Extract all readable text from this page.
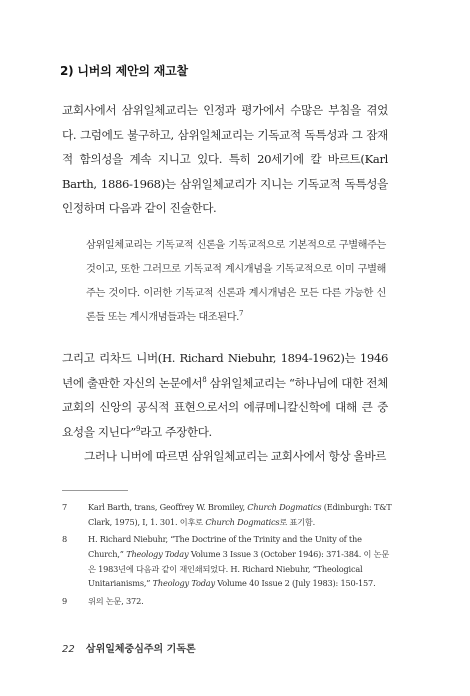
2) 니버의 제안의 재고찰

교회사에서 삼위일체교리는 인정과 평가에서 수많은 부침을 겪었다. 그럼에도 불구하고, 삼위일체교리는 기독교적 독특성과 그 잠재적 함의성을 계속 지니고 있다. 특히 20세기에 칼 바르트(Karl Barth, 1886-1968)는 삼위일체교리가 지니는 기독교적 독특성을 인정하며 다음과 같이 진술한다.

삼위일체교리는 기독교적 신론을 기독교적으로 기본적으로 구별해주는 것이고, 또한 그러므로 기독교적 계시개념을 기독교적으로 이미 구별해 주는 것이다. 이러한 기독교적 신론과 계시개념은 모든 다른 가능한 신론들 또는 계시개념들과는 대조된다.$^7$

그리고 리차드 니버(H. Richard Niebuhr, 1894-1962)는 1946년에 출판한 자신의 논문에서$^8$ 삼위일체교리는 “하나님에 대한 전체 교회의 신앙의 공식적 표현으로서의 에큐메니칼신학에 대해 큰 중요성을 지닌다”$^9$라고 주장한다.

그러나 니버에 따르면 삼위일체교리는 교회사에서 항상 올바르

7	Karl Barth, trans, Geoffrey W. Bromiley, Church Dogmatics (Edinburgh: T&T Clark, 1975), I, 1. 301. 이후로 Church Dogmatics로 표기함.
8	H. Richard Niebuhr, “The Doctrine of the Trinity and the Unity of the Church,” Theology Today Volume 3 Issue 3 (October 1946): 371-384. 이 논문은 1983년에 다음과 같이 재인쇄되었다. H. Richard Niebuhr, “Theological Unitarianisms,” Theology Today Volume 40 Issue 2 (July 1983): 150-157.
9	위의 논문, 372.
22 삼위일체중심주의 기독론
